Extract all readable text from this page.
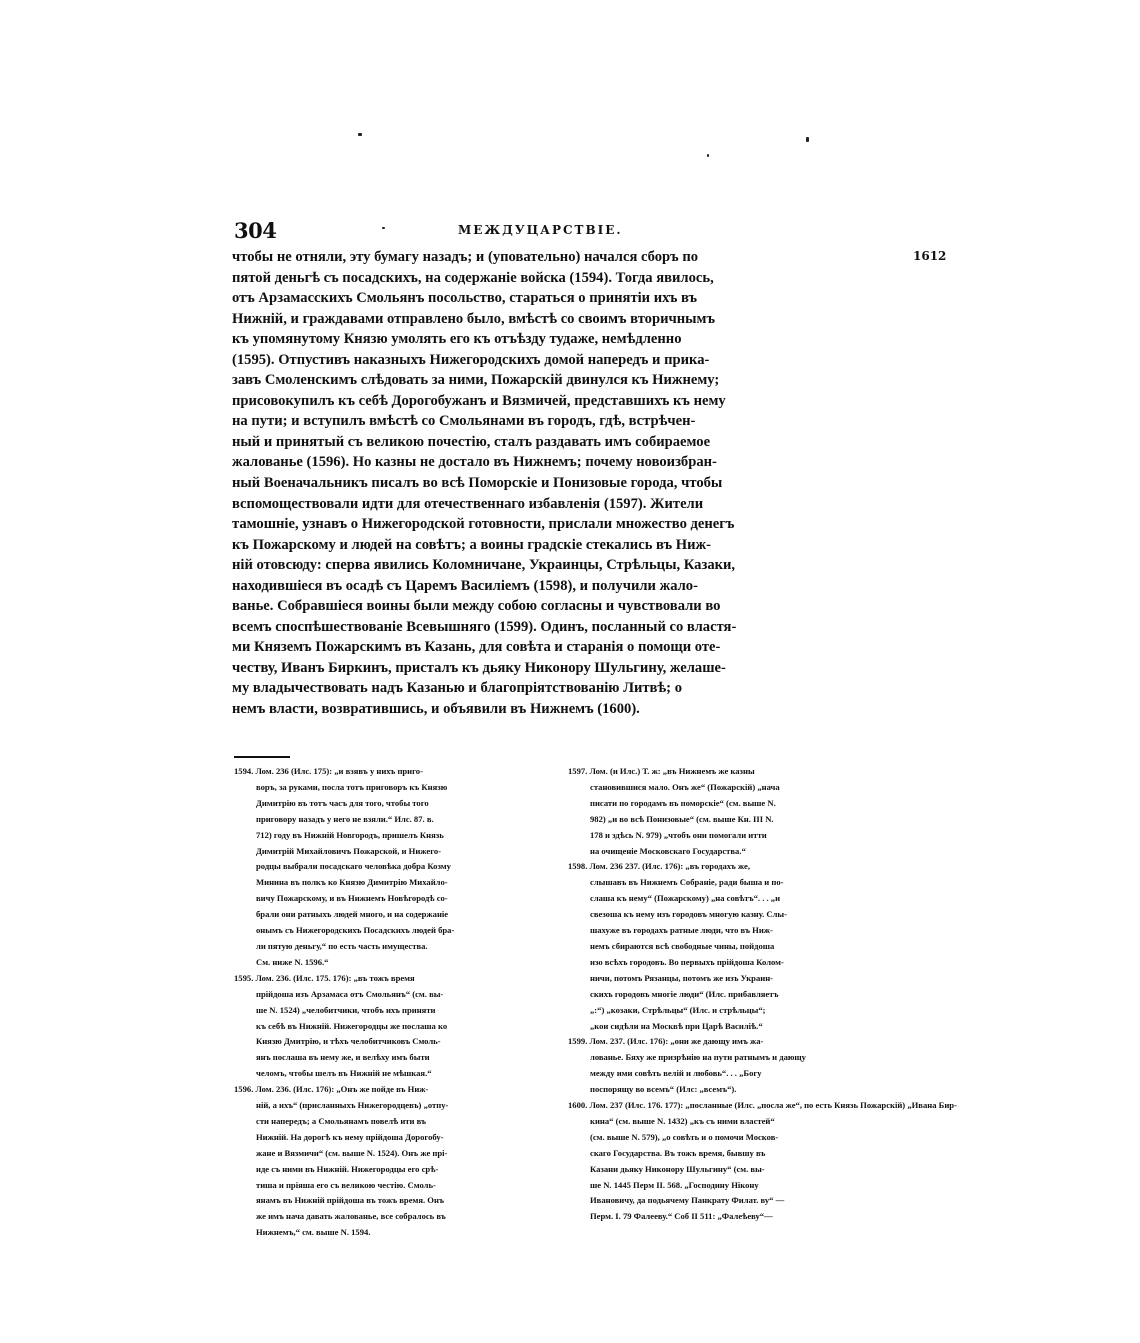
304	МЕЖДУЦАРСТВІЕ.
1612

чтобы не отняли, эту бумагу назадъ; и (уповательно) начался сборъ по
пятой деньгѣ съ посадскихъ, на содержаніе войска (1594). Тогда явилось,
отъ Арзамасскихъ Смольянъ посольство, стараться о принятіи ихъ въ
Нижній, и граждавами отправлено было, вмѣстѣ со своимъ вторичнымъ
къ упомянутому Князю умолять его къ отъѣзду тудаже, немѣдленно
(1595). Отпустивъ наказныхъ Нижегородскихъ домой напередъ и прика-
завъ Смоленскимъ слѣдовать за ними, Пожарскій двинулся къ Нижнему;
присовокупилъ къ себѣ Дорогобужанъ и Вязмичей, представшихъ къ нему
на пути; и вступилъ вмѣстѣ со Смольянами въ городъ, гдѣ, встрѣчен-
ный и принятый съ великою почестію, сталъ раздавать имъ собираемое
жалованье (1596). Но казны не достало въ Нижнемъ; почему новоизбран-
ный Военачальникъ писалъ во всѣ Поморскіе и Понизовые города, чтобы
вспомоществовали идти для отечественнаго избавленія (1597). Жители
тамошніе, узнавъ о Нижегородской готовности, прислали множество денегъ
къ Пожарскому и людей на совѣтъ; а воины градскіе стекались въ Ниж-
ній отовсюду: сперва явились Коломничане, Украинцы, Стрѣльцы, Казаки,
находившіеся въ осадѣ съ Царемъ Василіемъ (1598), и получили жало-
ванье. Собравшіеся воины были между собою согласны и чувствовали во
всемъ споспѣшествованіе Всевышняго (1599). Одинъ, посланный со властя-
ми Княземъ Пожарскимъ въ Казань, для совѣта и старанія о помощи оте-
честву, Иванъ Биркинъ, присталъ къ дьяку Никонору Шульгину, желаше-
му владычествовать надъ Казанью и благопріятствованію Литвѣ; о
немъ власти, возвратившись, и объявили въ Нижнемъ (1600).

1594. Лом. 236 (Илс. 175): „и взявъ у нихъ приго-
воръ, за руками, посла тотъ приговоръ къ Князю
Димитрію въ тотъ часъ для того, чтобы того
приговору назадъ у него не взяли.“ Илс. 87. в.
712) году въ Нижній Новгородъ, пришелъ Князь
Димитрій Михайловичъ Пожарской, и Нижего-
родцы выбрали посадскаго человѣка добра Козму
Минина въ полкъ ко Князю Димитрію Михайло-
вичу Пожарскому, и въ Нижнемъ Новѣгородѣ со-
брали они ратныхъ людей много, и на содержаніе
онымъ съ Нижегородскихъ Посадскихъ людей бра-
ли пятую деньгу,“ по есть часть имущества.
См. ниже N. 1596.“
1595. Лом. 236. (Илс. 175. 176): „въ тожъ время
прійдоша изъ Арзамаса отъ Смольянъ“ (см. вы-
ше N. 1524) „челобитчики, чтобъ ихъ приняти
къ себѣ въ Нижній. Нижегородцы же послаша ко
Князю Дмитрію, и тѣхъ челобитчиковъ Смоль-
янъ послаша въ нему же, и велѣху имъ быти
челомъ, чтобы шелъ въ Нижній не мѣшкая.“
1596. Лом. 236. (Илс. 176): „Онъ же пойде въ Ниж-
ній, а ихъ“ (присланныхъ Нижегородцевъ) „отпу-
сти напередъ; а Смольянамъ повелѣ ити въ
Нижній. На дорогѣ къ нему прійдоша Дорогобу-
жане и Вязмичи“ (см. выше N. 1524). Онъ же прі-
иде съ ними въ Нижній. Нижегородцы его срѣ-
тиша и пріяша его съ великою честію. Смоль-
янамъ въ Нижній прійдоша въ тожъ время. Онъ
же имъ нача давать жалованье, все собралось въ
Нижнемъ,“ см. выше N. 1594.
1597. Лом. (и Илс.) Т. ж: „въ Нижнемъ же казны
становившися мало. Онъ же“ (Пожарскій) „нача
писати по городамъ въ поморскіе“ (см. выше N.
982) „и во всѣ Понизовые“ (см. выше Кн. III N.
178 и здѣсь N. 979) „чтобъ они помогали итти
на очищеніе Московскаго Государства.“
1598. Лом. 236 237. (Илс. 176): „въ городахъ же,
слышавъ въ Нижнемъ Собраніе, ради быша и по-
слаша къ нему“ (Пожарскому) „на совѣтъ“. . . „и
свезоша къ нему изъ городовъ многую казну. Слы-
шахуже въ городахъ ратные люди, что въ Ниж-
немъ сбираются всѣ свободные чины, пойдоша
изо всѣхъ городовъ. Во первыхъ прійдоша Колом-
ничи, потомъ Рязанцы, потомъ же изъ Украин-
скихъ городовъ многіе люди“ (Илс. прибавляетъ
„:“) „козаки, Стрѣльцы“ (Илс. и стрѣльцы“;
„кои сидѣли на Москвѣ при Царѣ Василіѣ.“
1599. Лом. 237. (Илс. 176): „они же дающу имъ жа-
лованье. Бяху же призрѣнію на пути ратнымъ и дающу
между ими совѣть велій и любовь“. . . „Богу
поспорящу во всемъ“ (Илс: „всемъ“).
1600. Лом. 237 (Илс. 176. 177): „посланные (Илс. „посла же“, по есть Князь Пожарскій) „Ивана Бир-
кина“ (см. выше N. 1432) „къ съ ними властей“
(см. выше N. 579), „о совѣть и о помочи Москов-
скаго Государства. Въ тожъ время, бывшу въ
Казани дьяку Никонору Шульгину“ (см. вы-
ше N. 1445 Перм II. 568. „Господину Нікону
Ивановичу, да подьячему Панкрату Филат. ву“ —
Перм. I. 79 Фалееву.“ Соб II 511: „Фалеѣеву“—
